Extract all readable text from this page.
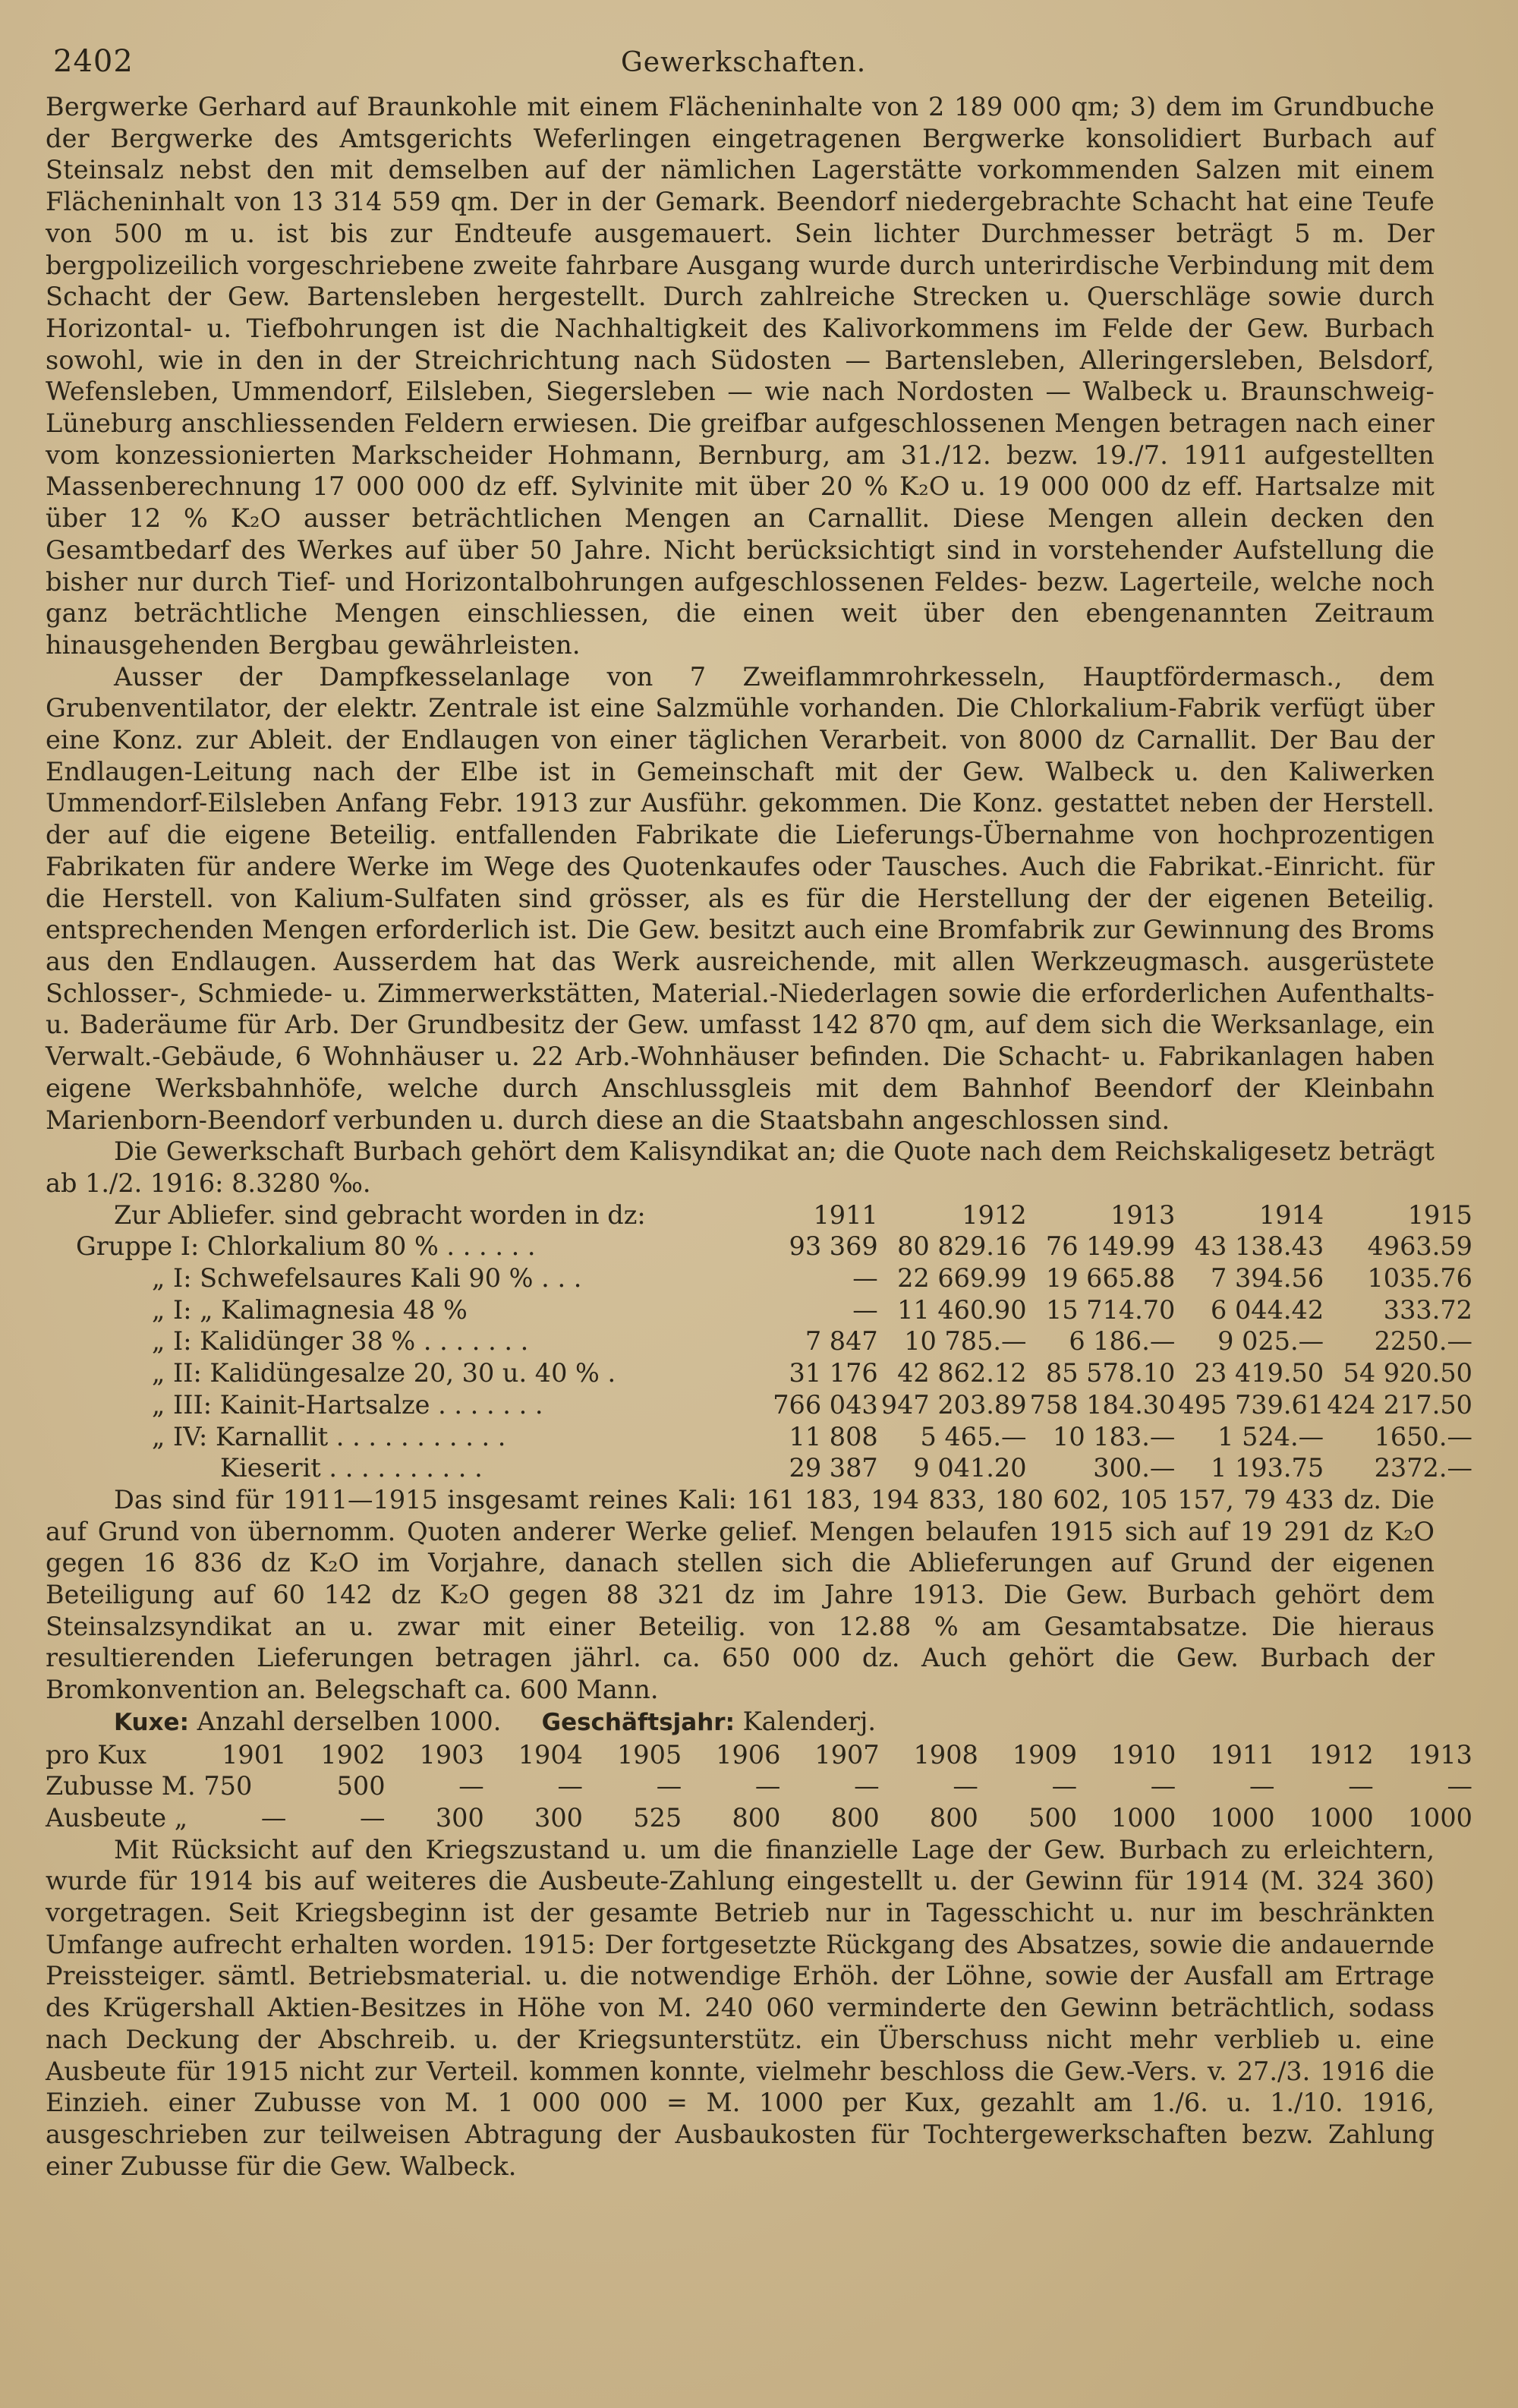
2402	Gewerkschaften.

Bergwerke Gerhard auf Braunkohle mit einem Flächeninhalte von 2 189 000 qm; 3) dem im Grundbuche der Bergwerke des Amtsgerichts Weferlingen eingetragenen Bergwerke konsolidiert Burbach auf Steinsalz nebst den mit demselben auf der nämlichen Lagerstätte vorkommenden Salzen mit einem Flächeninhalt von 13 314 559 qm. Der in der Gemark. Beendorf niedergebrachte Schacht hat eine Teufe von 500 m u. ist bis zur Endteufe ausgemauert. Sein lichter Durchmesser beträgt 5 m. Der bergpolizeilich vorgeschriebene zweite fahrbare Ausgang wurde durch unterirdische Verbindung mit dem Schacht der Gew. Bartensleben hergestellt. Durch zahlreiche Strecken u. Querschläge sowie durch Horizontal- u. Tiefbohrungen ist die Nachhaltigkeit des Kalivorkommens im Felde der Gew. Burbach sowohl, wie in den in der Streichrichtung nach Südosten — Bartensleben, Alleringersleben, Belsdorf, Wefensleben, Ummendorf, Eilsleben, Siegersleben — wie nach Nordosten — Walbeck u. Braunschweig-Lüneburg anschliessenden Feldern erwiesen. Die greifbar aufgeschlossenen Mengen betragen nach einer vom konzessionierten Markscheider Hohmann, Bernburg, am 31./12. bezw. 19./7. 1911 aufgestellten Massenberechnung 17 000 000 dz eff. Sylvinite mit über 20 % K₂O u. 19 000 000 dz eff. Hartsalze mit über 12 % K₂O ausser beträchtlichen Mengen an Carnallit. Diese Mengen allein decken den Gesamtbedarf des Werkes auf über 50 Jahre. Nicht berücksichtigt sind in vorstehender Aufstellung die bisher nur durch Tief- und Horizontalbohrungen aufgeschlossenen Feldes- bezw. Lagerteile, welche noch ganz beträchtliche Mengen einschliessen, die einen weit über den ebengenannten Zeitraum hinausgehenden Bergbau gewährleisten.

Ausser der Dampfkesselanlage von 7 Zweiflammrohrkesseln, Hauptfördermasch., dem Grubenventilator, der elektr. Zentrale ist eine Salzmühle vorhanden. Die Chlorkalium-Fabrik verfügt über eine Konz. zur Ableit. der Endlaugen von einer täglichen Verarbeit. von 8000 dz Carnallit. Der Bau der Endlaugen-Leitung nach der Elbe ist in Gemeinschaft mit der Gew. Walbeck u. den Kaliwerken Ummendorf-Eilsleben Anfang Febr. 1913 zur Ausführ. gekommen. Die Konz. gestattet neben der Herstell. der auf die eigene Beteilig. entfallenden Fabrikate die Lieferungs-Übernahme von hochprozentigen Fabrikaten für andere Werke im Wege des Quotenkaufes oder Tausches. Auch die Fabrikat.-Einricht. für die Herstell. von Kalium-Sulfaten sind grösser, als es für die Herstellung der der eigenen Beteilig. entsprechenden Mengen erforderlich ist. Die Gew. besitzt auch eine Bromfabrik zur Gewinnung des Broms aus den Endlaugen. Ausserdem hat das Werk ausreichende, mit allen Werkzeugmasch. ausgerüstete Schlosser-, Schmiede- u. Zimmerwerkstätten, Material.-Niederlagen sowie die erforderlichen Aufenthalts- u. Baderäume für Arb. Der Grundbesitz der Gew. umfasst 142 870 qm, auf dem sich die Werksanlage, ein Verwalt.-Gebäude, 6 Wohnhäuser u. 22 Arb.-Wohnhäuser befinden. Die Schacht- u. Fabrikanlagen haben eigene Werksbahnhöfe, welche durch Anschlussgleis mit dem Bahnhof Beendorf der Kleinbahn Marienborn-Beendorf verbunden u. durch diese an die Staatsbahn angeschlossen sind.

Die Gewerkschaft Burbach gehört dem Kalisyndikat an; die Quote nach dem Reichskaligesetz beträgt ab 1./2. 1916: 8.3280 ‰.

Zur Abliefer. sind gebracht worden in dz:	1911	1912	1913	1914	1915
Gruppe I: Chlorkalium 80 % . . . . . .	93 369	80 829.16	76 149.99	43 138.43	4963.59
„ I: Schwefelsaures Kali 90 % . . .	—	22 669.99	19 665.88	7 394.56	1035.76
„ I: „ Kalimagnesia 48 %	—	11 460.90	15 714.70	6 044.42	333.72
„ I: Kalidünger 38 % . . . . . . .	7 847	10 785.—	6 186.—	9 025.—	2250.—
„ II: Kalidüngesalze 20, 30 u. 40 % .	31 176	42 862.12	85 578.10	23 419.50	54 920.50
„ III: Kainit-Hartsalze . . . . . . .	766 043	947 203.89	758 184.30	495 739.61	424 217.50
„ IV: Karnallit . . . . . . . . . . .	11 808	5 465.—	10 183.—	1 524.—	1650.—
Kieserit . . . . . . . . . .	29 387	9 041.20	300.—	1 193.75	2372.—

Das sind für 1911—1915 insgesamt reines Kali: 161 183, 194 833, 180 602, 105 157, 79 433 dz. Die auf Grund von übernomm. Quoten anderer Werke gelief. Mengen belaufen 1915 sich auf 19 291 dz K₂O gegen 16 836 dz K₂O im Vorjahre, danach stellen sich die Ablieferungen auf Grund der eigenen Beteiligung auf 60 142 dz K₂O gegen 88 321 dz im Jahre 1913. Die Gew. Burbach gehört dem Steinsalzsyndikat an u. zwar mit einer Beteilig. von 12.88 % am Gesamtabsatze. Die hieraus resultierenden Lieferungen betragen jährl. ca. 650 000 dz. Auch gehört die Gew. Burbach der Bromkonvention an. Belegschaft ca. 600 Mann.

Kuxe: Anzahl derselben 1000. Geschäftsjahr: Kalenderj.
pro Kux	1901	1902	1903	1904	1905	1906	1907	1908	1909	1910	1911	1912	1913
Zubusse M. 750		500	—	—	—	—	—	—	—	—	—	—	—
Ausbeute „	—	—	300	300	525	800	800	800	500	1000	1000	1000	1000

Mit Rücksicht auf den Kriegszustand u. um die finanzielle Lage der Gew. Burbach zu erleichtern, wurde für 1914 bis auf weiteres die Ausbeute-Zahlung eingestellt u. der Gewinn für 1914 (M. 324 360) vorgetragen. Seit Kriegsbeginn ist der gesamte Betrieb nur in Tagesschicht u. nur im beschränkten Umfange aufrecht erhalten worden. 1915: Der fortgesetzte Rückgang des Absatzes, sowie die andauernde Preissteiger. sämtl. Betriebsmaterial. u. die notwendige Erhöh. der Löhne, sowie der Ausfall am Ertrage des Krügershall Aktien-Besitzes in Höhe von M. 240 060 verminderte den Gewinn beträchtlich, sodass nach Deckung der Abschreib. u. der Kriegsunterstütz. ein Überschuss nicht mehr verblieb u. eine Ausbeute für 1915 nicht zur Verteil. kommen konnte, vielmehr beschloss die Gew.-Vers. v. 27./3. 1916 die Einzieh. einer Zubusse von M. 1 000 000 = M. 1000 per Kux, gezahlt am 1./6. u. 1./10. 1916, ausgeschrieben zur teilweisen Abtragung der Ausbaukosten für Tochtergewerkschaften bezw. Zahlung einer Zubusse für die Gew. Walbeck.
